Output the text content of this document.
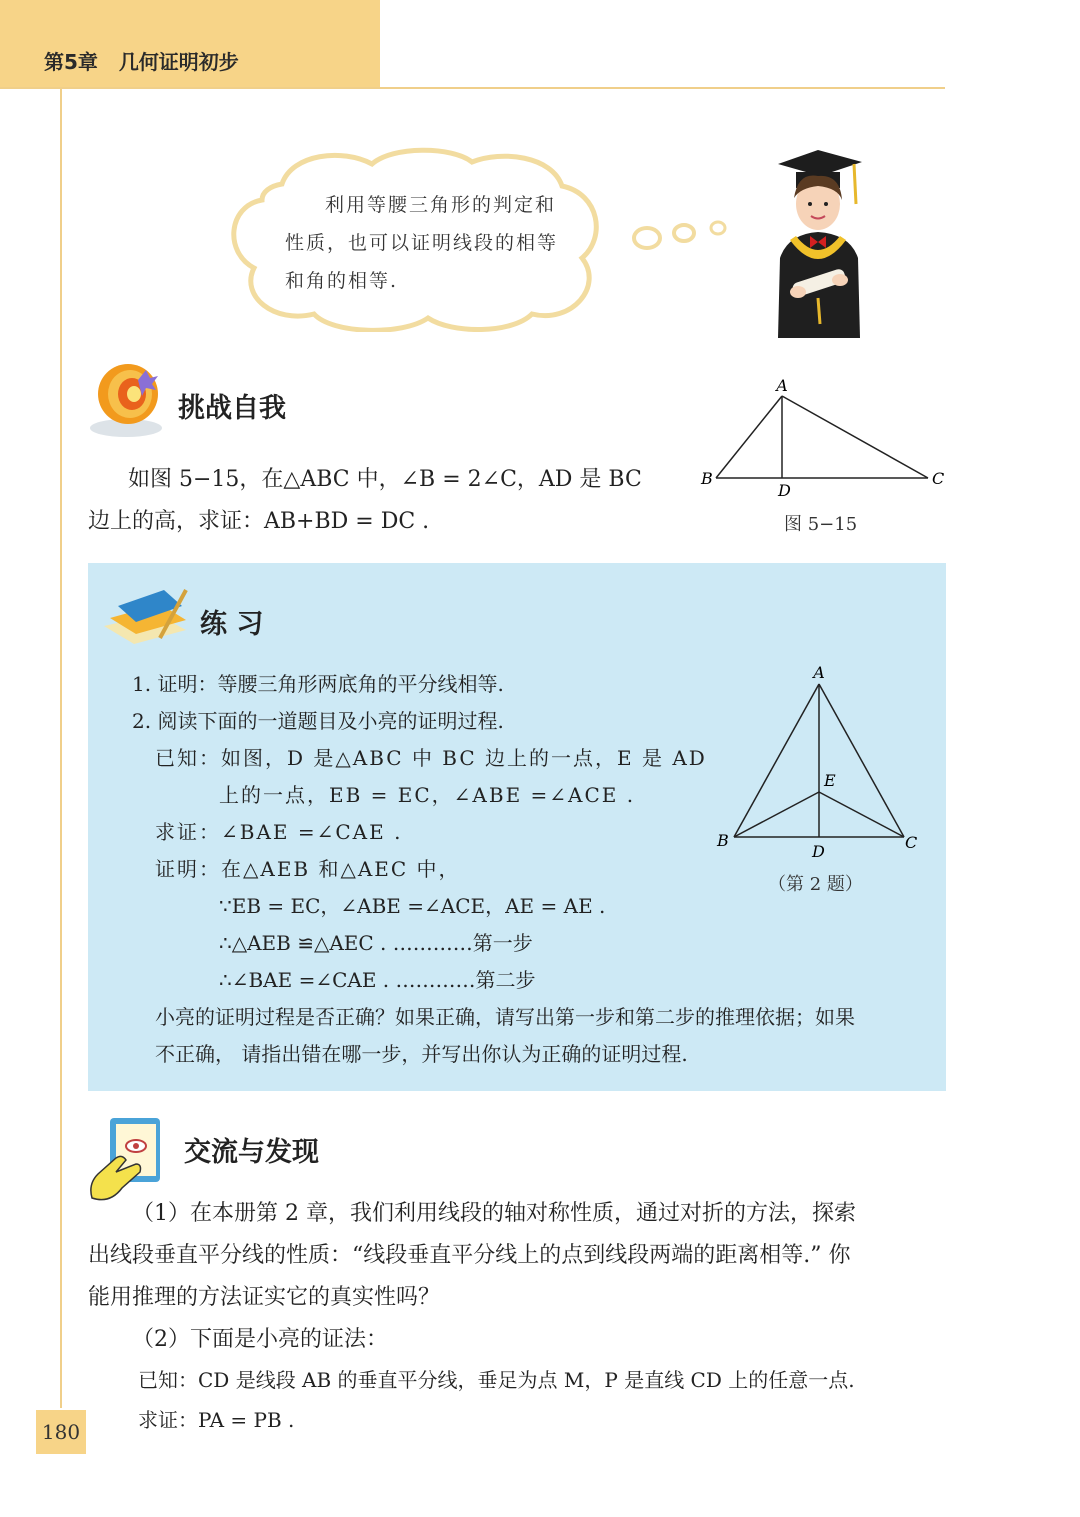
第5章 几何证明初步
利用等腰三角形的判定和
性质，也可以证明线段的相等
和角的相等.
挑战自我
如图 5−15，在△ABC 中，∠B = 2∠C，AD 是 BC
边上的高，求证：AB+BD = DC .
A
B	C
D
图 5−15
练 习
1. 证明：等腰三角形两底角的平分线相等.
2. 阅读下面的一道题目及小亮的证明过程.
已知：如图，D 是△ABC 中 BC 边上的一点，E 是 AD
上的一点，EB = EC，∠ABE =∠ACE .
求证：∠BAE =∠CAE .
证明：在△AEB 和△AEC 中，
∵EB = EC，∠ABE =∠ACE，AE = AE .
∴△AEB ≌△AEC . …………第一步
∴∠BAE =∠CAE . …………第二步
小亮的证明过程是否正确？如果正确，请写出第一步和第二步的推理依据；如果
不正确， 请指出错在哪一步，并写出你认为正确的证明过程.
A
B	C
D
E
（第 2 题）
交流与发现
（1）在本册第 2 章，我们利用线段的轴对称性质，通过对折的方法，探索
出线段垂直平分线的性质：“线段垂直平分线上的点到线段两端的距离相等.” 你
能用推理的方法证实它的真实性吗？
（2）下面是小亮的证法：
已知：CD 是线段 AB 的垂直平分线，垂足为点 M，P 是直线 CD 上的任意一点.
求证：PA = PB .
180
